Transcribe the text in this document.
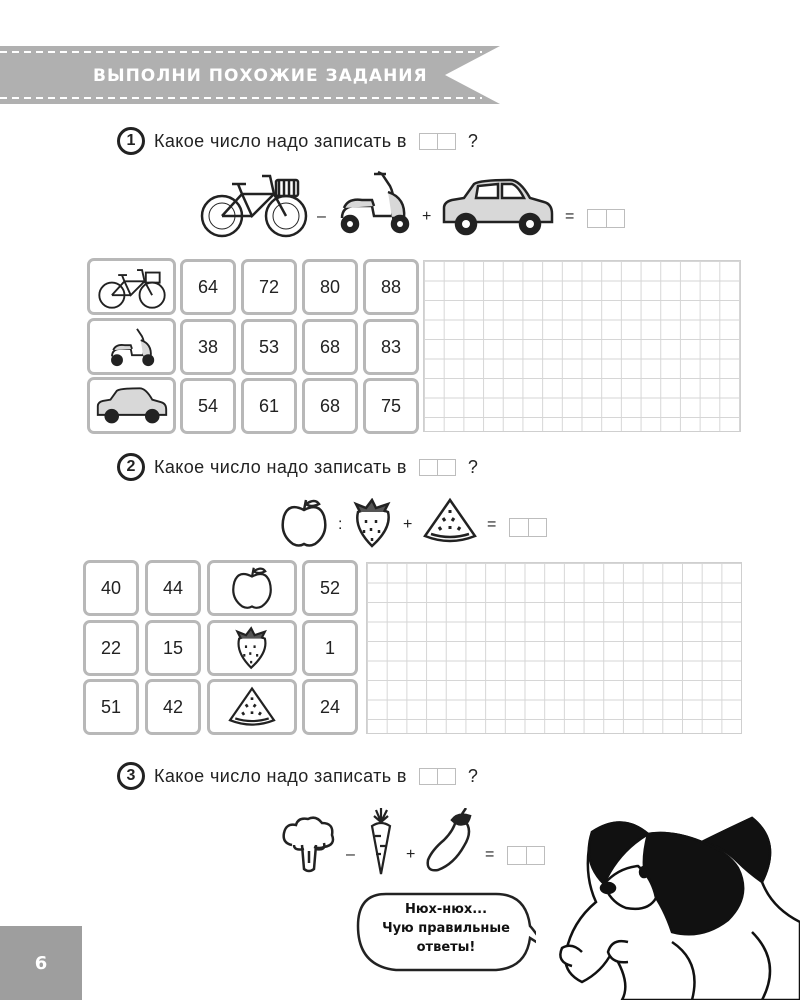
ВЫПОЛНИ ПОХОЖИЕ ЗАДАНИЯ
1	Какое число надо записать в	?
–	+	=
64	72	80	88
38	53	68	83
54	61	68	75
2	Какое число надо записать в	?
:	+	=
40	44	52
22	15	1
51	42	24
3	Какое число надо записать в	?
–	+	=
Нюх-нюх...
Чую правильные
ответы!
6
